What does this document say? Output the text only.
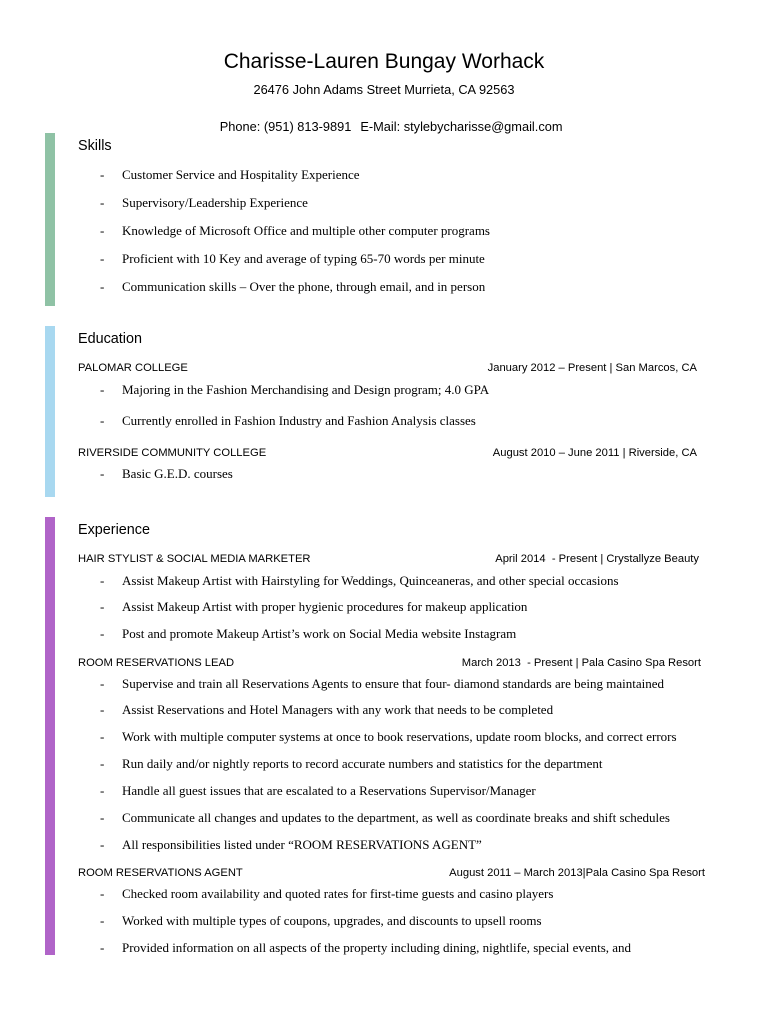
Charisse-Lauren Bungay Worhack
26476 John Adams Street Murrieta, CA 92563

Phone: (951) 813-9891 E-Mail: stylebycharisse@gmail.com

Skills
- Customer Service and Hospitality Experience
- Supervisory/Leadership Experience
- Knowledge of Microsoft Office and multiple other computer programs
- Proficient with 10 Key and average of typing 65-70 words per minute
- Communication skills – Over the phone, through email, and in person
Education
PALOMAR COLLEGE	January 2012 – Present | San Marcos, CA
- Majoring in the Fashion Merchandising and Design program; 4.0 GPA
- Currently enrolled in Fashion Industry and Fashion Analysis classes
RIVERSIDE COMMUNITY COLLEGE	August 2010 – June 2011 | Riverside, CA
- Basic G.E.D. courses
Experience
HAIR STYLIST & SOCIAL MEDIA MARKETER	April 2014  - Present | Crystallyze Beauty
- Assist Makeup Artist with Hairstyling for Weddings, Quinceaneras, and other special occasions
- Assist Makeup Artist with proper hygienic procedures for makeup application
- Post and promote Makeup Artist’s work on Social Media website Instagram
ROOM RESERVATIONS LEAD	March 2013  - Present | Pala Casino Spa Resort
- Supervise and train all Reservations Agents to ensure that four- diamond standards are being maintained
- Assist Reservations and Hotel Managers with any work that needs to be completed
- Work with multiple computer systems at once to book reservations, update room blocks, and correct errors
- Run daily and/or nightly reports to record accurate numbers and statistics for the department
- Handle all guest issues that are escalated to a Reservations Supervisor/Manager
- Communicate all changes and updates to the department, as well as coordinate breaks and shift schedules
- All responsibilities listed under “ROOM RESERVATIONS AGENT”
ROOM RESERVATIONS AGENT	August 2011 – March 2013|Pala Casino Spa Resort
- Checked room availability and quoted rates for first-time guests and casino players
- Worked with multiple types of coupons, upgrades, and discounts to upsell rooms
- Provided information on all aspects of the property including dining, nightlife, special events, and
